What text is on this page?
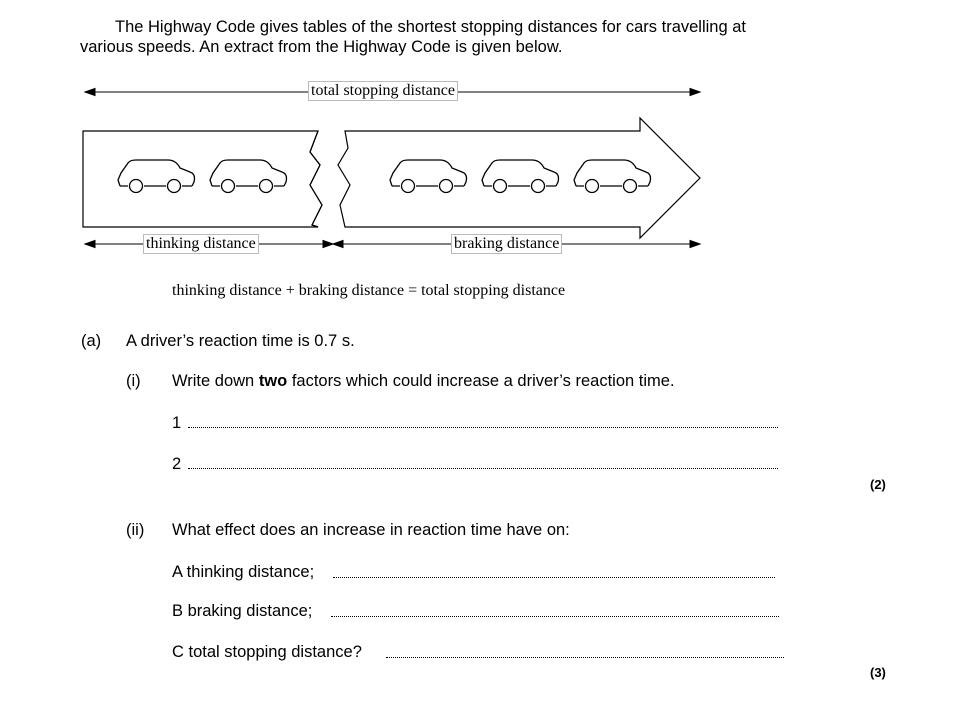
The Highway Code gives tables of the shortest stopping distances for cars travelling at
various speeds. An extract from the Highway Code is given below.
total stopping distance
thinking distance	braking distance
thinking distance + braking distance = total stopping distance
(a) A driver’s reaction time is 0.7 s.
(i) Write down two factors which could increase a driver’s reaction time.
1
2
(2)
(ii) What effect does an increase in reaction time have on:
A thinking distance;
B braking distance;
C total stopping distance?
(3)
